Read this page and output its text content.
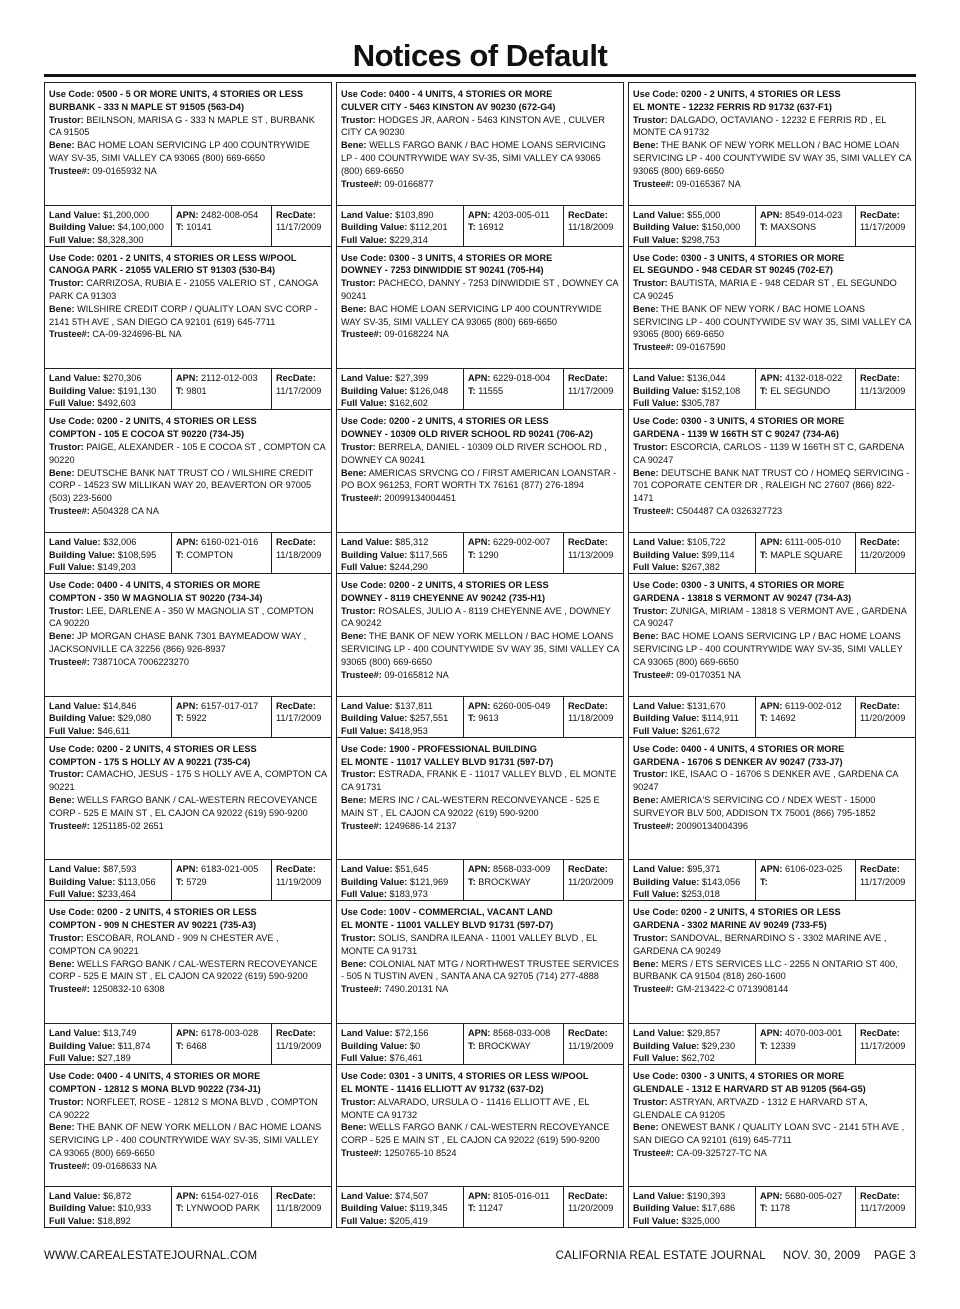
Notices of Default
Use Code: 0500 - 5 OR MORE UNITS, 4 STORIES OR LESS
BURBANK - 333 N MAPLE ST 91505 (563-D4)
Trustor: BEILNSON, MARISA G - 333 N MAPLE ST , BURBANK CA 91505
Bene: BAC HOME LOAN SERVICING LP 400 COUNTRYWIDE WAY SV-35, SIMI VALLEY CA 93065 (800) 669-6650
Trustee#: 09-0165932 NA
Land Value: $1,200,000
Building Value: $4,100,000
Full Value: $8,328,300
APN: 2482-008-054
T: 10141
RecDate:
11/17/2009
Use Code: 0201 - 2 UNITS, 4 STORIES OR LESS W/POOL
CANOGA PARK - 21055 VALERIO ST 91303 (530-B4)
Trustor: CARRIZOSA, RUBIA E - 21055 VALERIO ST , CANOGA PARK CA 91303
Bene: WILSHIRE CREDIT CORP / QUALITY LOAN SVC CORP - 2141 5TH AVE , SAN DIEGO CA 92101 (619) 645-7711
Trustee#: CA-09-324696-BL NA
Land Value: $270,306
Building Value: $191,130
Full Value: $492,603
APN: 2112-012-003
T: 9801
RecDate:
11/17/2009
Use Code: 0200 - 2 UNITS, 4 STORIES OR LESS
COMPTON - 105 E COCOA ST 90220 (734-J5)
Trustor: PAIGE, ALEXANDER - 105 E COCOA ST , COMPTON CA 90220
Bene: DEUTSCHE BANK NAT TRUST CO / WILSHIRE CREDIT CORP - 14523 SW MILLIKAN WAY 20, BEAVERTON OR 97005 (503) 223-5600
Trustee#: A504328 CA NA
Land Value: $32,006
Building Value: $108,595
Full Value: $149,203
APN: 6160-021-016
T: COMPTON
RecDate:
11/18/2009
Use Code: 0400 - 4 UNITS, 4 STORIES OR MORE
COMPTON - 350 W MAGNOLIA ST 90220 (734-J4)
Trustor: LEE, DARLENE A - 350 W MAGNOLIA ST , COMPTON CA 90220
Bene: JP MORGAN CHASE BANK 7301 BAYMEADOW WAY , JACKSONVILLE CA 32256 (866) 926-8937
Trustee#: 738710CA 7006223270
Land Value: $14,846
Building Value: $29,080
Full Value: $46,611
APN: 6157-017-017
T: 5922
RecDate:
11/17/2009
Use Code: 0200 - 2 UNITS, 4 STORIES OR LESS
COMPTON - 175 S HOLLY AV A 90221 (735-C4)
Trustor: CAMACHO, JESUS - 175 S HOLLY AVE A, COMPTON CA 90221
Bene: WELLS FARGO BANK / CAL-WESTERN RECOVEYANCE CORP - 525 E MAIN ST , EL CAJON CA 92022 (619) 590-9200
Trustee#: 1251185-02 2651
Land Value: $87,593
Building Value: $113,056
Full Value: $233,464
APN: 6183-021-005
T: 5729
RecDate:
11/19/2009
Use Code: 0200 - 2 UNITS, 4 STORIES OR LESS
COMPTON - 909 N CHESTER AV 90221 (735-A3)
Trustor: ESCOBAR, ROLAND - 909 N CHESTER AVE , COMPTON CA 90221
Bene: WELLS FARGO BANK / CAL-WESTERN RECOVEYANCE CORP - 525 E MAIN ST , EL CAJON CA 92022 (619) 590-9200
Trustee#: 1250832-10 6308
Land Value: $13,749
Building Value: $11,874
Full Value: $27,189
APN: 6178-003-028
T: 6468
RecDate:
11/19/2009
Use Code: 0400 - 4 UNITS, 4 STORIES OR MORE
COMPTON - 12812 S MONA BLVD 90222 (734-J1)
Trustor: NORFLEET, ROSE - 12812 S MONA BLVD , COMPTON CA 90222
Bene: THE BANK OF NEW YORK MELLON / BAC HOME LOANS SERVICING LP - 400 COUNTRYWIDE WAY SV-35, SIMI VALLEY CA 93065 (800) 669-6650
Trustee#: 09-0168633 NA
Land Value: $6,872
Building Value: $10,933
Full Value: $18,892
APN: 6154-027-016
T: LYNWOOD PARK
RecDate:
11/18/2009
Use Code: 0400 - 4 UNITS, 4 STORIES OR MORE
CULVER CITY - 5463 KINSTON AV 90230 (672-G4)
Trustor: HODGES JR, AARON - 5463 KINSTON AVE , CULVER CITY CA 90230
Bene: WELLS FARGO BANK / BAC HOME LOANS SERVICING LP - 400 COUNTRYWIDE WAY SV-35, SIMI VALLEY CA 93065 (800) 669-6650
Trustee#: 09-0166877
Land Value: $103,890
Building Value: $112,201
Full Value: $229,314
APN: 4203-005-011
T: 16912
RecDate:
11/18/2009
Use Code: 0300 - 3 UNITS, 4 STORIES OR MORE
DOWNEY - 7253 DINWIDDIE ST 90241 (705-H4)
Trustor: PACHECO, DANNY - 7253 DINWIDDIE ST , DOWNEY CA 90241
Bene: BAC HOME LOAN SERVICING LP 400 COUNTRYWIDE WAY SV-35, SIMI VALLEY CA 93065 (800) 669-6650
Trustee#: 09-0168224 NA
Land Value: $27,399
Building Value: $126,048
Full Value: $162,602
APN: 6229-018-004
T: 11555
RecDate:
11/17/2009
Use Code: 0200 - 2 UNITS, 4 STORIES OR LESS
DOWNEY - 10309 OLD RIVER SCHOOL RD 90241 (706-A2)
Trustor: BERRELA, DANIEL - 10309 OLD RIVER SCHOOL RD , DOWNEY CA 90241
Bene: AMERICAS SRVCNG CO / FIRST AMERICAN LOANSTAR - PO BOX 961253, FORT WORTH TX 76161 (877) 276-1894
Trustee#: 20099134004451
Land Value: $85,312
Building Value: $117,565
Full Value: $244,290
APN: 6229-002-007
T: 1290
RecDate:
11/13/2009
Use Code: 0200 - 2 UNITS, 4 STORIES OR LESS
DOWNEY - 8119 CHEYENNE AV 90242 (735-H1)
Trustor: ROSALES, JULIO A - 8119 CHEYENNE AVE , DOWNEY CA 90242
Bene: THE BANK OF NEW YORK MELLON / BAC HOME LOANS SERVICING LP - 400 COUNTYWIDE SV WAY 35, SIMI VALLEY CA 93065 (800) 669-6650
Trustee#: 09-0165812 NA
Land Value: $137,811
Building Value: $257,551
Full Value: $418,953
APN: 6260-005-049
T: 9613
RecDate:
11/18/2009
Use Code: 1900 - PROFESSIONAL BUILDING
EL MONTE - 11017 VALLEY BLVD 91731 (597-D7)
Trustor: ESTRADA, FRANK E - 11017 VALLEY BLVD , EL MONTE CA 91731
Bene: MERS INC / CAL-WESTERN RECONVEYANCE - 525 E MAIN ST , EL CAJON CA 92022 (619) 590-9200
Trustee#: 1249686-14 2137
Land Value: $51,645
Building Value: $121,969
Full Value: $183,973
APN: 8568-033-009
T: BROCKWAY
RecDate:
11/20/2009
Use Code: 100V - COMMERCIAL, VACANT LAND
EL MONTE - 11001 VALLEY BLVD 91731 (597-D7)
Trustor: SOLIS, SANDRA ILEANA - 11001 VALLEY BLVD , EL MONTE CA 91731
Bene: COLONIAL NAT MTG / NORTHWEST TRUSTEE SERVICES - 505 N TUSTIN AVEN , SANTA ANA CA 92705 (714) 277-4888
Trustee#: 7490.20131 NA
Land Value: $72,156
Building Value: $0
Full Value: $76,461
APN: 8568-033-008
T: BROCKWAY
RecDate:
11/19/2009
Use Code: 0301 - 3 UNITS, 4 STORIES OR LESS W/POOL
EL MONTE - 11416 ELLIOTT AV 91732 (637-D2)
Trustor: ALVARADO, URSULA O - 11416 ELLIOTT AVE , EL MONTE CA 91732
Bene: WELLS FARGO BANK / CAL-WESTERN RECOVEYANCE CORP - 525 E MAIN ST , EL CAJON CA 92022 (619) 590-9200
Trustee#: 1250765-10 8524
Land Value: $74,507
Building Value: $119,345
Full Value: $205,419
APN: 8105-016-011
T: 11247
RecDate:
11/20/2009
Use Code: 0200 - 2 UNITS, 4 STORIES OR LESS
EL MONTE - 12232 FERRIS RD 91732 (637-F1)
Trustor: DALGADO, OCTAVIANO - 12232 E FERRIS RD , EL MONTE CA 91732
Bene: THE BANK OF NEW YORK MELLON / BAC HOME LOAN SERVICING LP - 400 COUNTYWIDE SV WAY 35, SIMI VALLEY CA 93065 (800) 669-6650
Trustee#: 09-0165367 NA
Land Value: $55,000
Building Value: $150,000
Full Value: $298,753
APN: 8549-014-023
T: MAXSONS
RecDate:
11/17/2009
Use Code: 0300 - 3 UNITS, 4 STORIES OR MORE
EL SEGUNDO - 948 CEDAR ST 90245 (702-E7)
Trustor: BAUTISTA, MARIA E - 948 CEDAR ST , EL SEGUNDO CA 90245
Bene: THE BANK OF NEW YORK / BAC HOME LOANS SERVICING LP - 400 COUNTYWIDE SV WAY 35, SIMI VALLEY CA 93065 (800) 669-6650
Trustee#: 09-0167590
Land Value: $136,044
Building Value: $152,108
Full Value: $305,787
APN: 4132-018-022
T: EL SEGUNDO
RecDate:
11/13/2009
Use Code: 0300 - 3 UNITS, 4 STORIES OR MORE
GARDENA - 1139 W 166TH ST C 90247 (734-A6)
Trustor: ESCORCIA, CARLOS - 1139 W 166TH ST C, GARDENA CA 90247
Bene: DEUTSCHE BANK NAT TRUST CO / HOMEQ SERVICING - 701 COPORATE CENTER DR , RALEIGH NC 27607 (866) 822-1471
Trustee#: C504487 CA 0326327723
Land Value: $105,722
Building Value: $99,114
Full Value: $267,382
APN: 6111-005-010
T: MAPLE SQUARE
RecDate:
11/20/2009
Use Code: 0300 - 3 UNITS, 4 STORIES OR MORE
GARDENA - 13818 S VERMONT AV 90247 (734-A3)
Trustor: ZUNIGA, MIRIAM - 13818 S VERMONT AVE , GARDENA CA 90247
Bene: BAC HOME LOANS SERVICING LP / BAC HOME LOANS SERVICING LP - 400 COUNTRYWIDE WAY SV-35, SIMI VALLEY CA 93065 (800) 669-6650
Trustee#: 09-0170351 NA
Land Value: $131,670
Building Value: $114,911
Full Value: $261,672
APN: 6119-002-012
T: 14692
RecDate:
11/20/2009
Use Code: 0400 - 4 UNITS, 4 STORIES OR MORE
GARDENA - 16706 S DENKER AV 90247 (733-J7)
Trustor: IKE, ISAAC O - 16706 S DENKER AVE , GARDENA CA 90247
Bene: AMERICA'S SERVICING CO / NDEX WEST - 15000 SURVEYOR BLV 500, ADDISON TX 75001 (866) 795-1852
Trustee#: 20090134004396
Land Value: $95,371
Building Value: $143,056
Full Value: $253,018
APN: 6106-023-025
T:
RecDate:
11/17/2009
Use Code: 0200 - 2 UNITS, 4 STORIES OR LESS
GARDENA - 3302 MARINE AV 90249 (733-F5)
Trustor: SANDOVAL, BERNARDINO S - 3302 MARINE AVE , GARDENA CA 90249
Bene: MERS / ETS SERVICES LLC - 2255 N ONTARIO ST 400, BURBANK CA 91504 (818) 260-1600
Trustee#: GM-213422-C 0713908144
Land Value: $29,857
Building Value: $29,230
Full Value: $62,702
APN: 4070-003-001
T: 12339
RecDate:
11/17/2009
Use Code: 0300 - 3 UNITS, 4 STORIES OR MORE
GLENDALE - 1312 E HARVARD ST AB 91205 (564-G5)
Trustor: ASTRYAN, ARTVAZD - 1312 E HARVARD ST A, GLENDALE CA 91205
Bene: ONEWEST BANK / QUALITY LOAN SVC - 2141 5TH AVE , SAN DIEGO CA 92101 (619) 645-7711
Trustee#: CA-09-325727-TC NA
Land Value: $190,393
Building Value: $17,686
Full Value: $325,000
APN: 5680-005-027
T: 1178
RecDate:
11/17/2009
WWW.CAREALESTATEJOURNAL.COM	CALIFORNIA REAL ESTATE JOURNAL NOV. 30, 2009 PAGE 3
